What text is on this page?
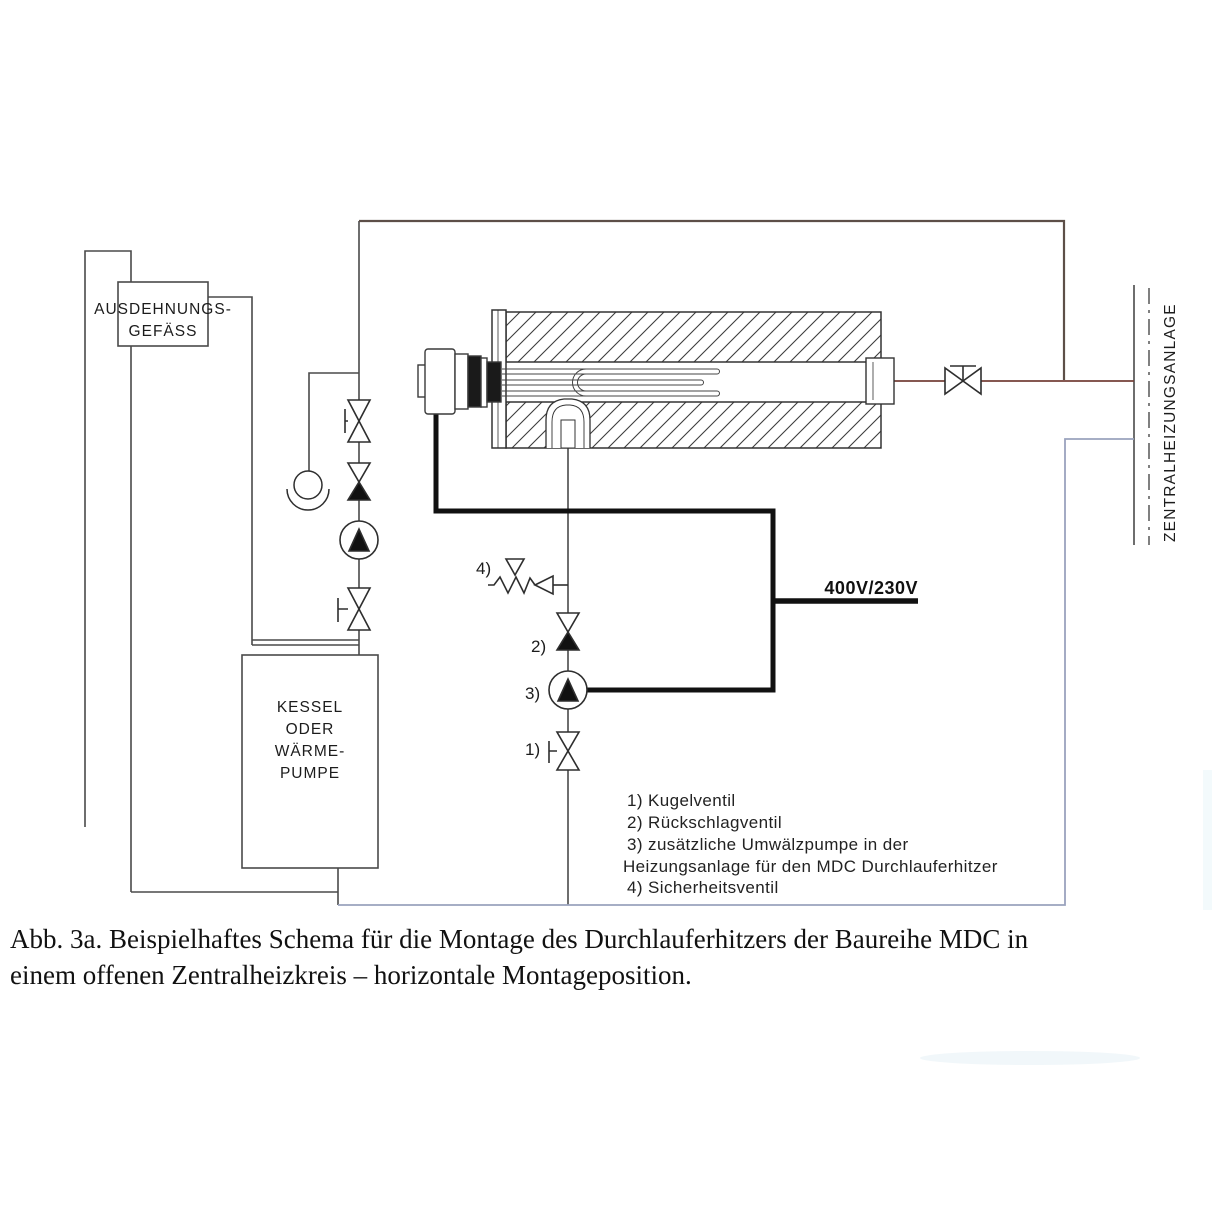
AUSDEHNUNGS-
GEFÄSS
KESSEL
ODER
WÄRME-
PUMPE
4)
2)
3)
1)
400V/230V
ZENTRALHEIZUNGSANLAGE
1) Kugelventil
2) Rückschlagventil
3) zusätzliche Umwälzpumpe in der
Heizungsanlage für den MDC Durchlauferhitzer
4) Sicherheitsventil
Abb. 3a. Beispielhaftes Schema für die Montage des Durchlauferhitzers der Baureihe MDC in
einem offenen Zentralheizkreis – horizontale Montageposition.
